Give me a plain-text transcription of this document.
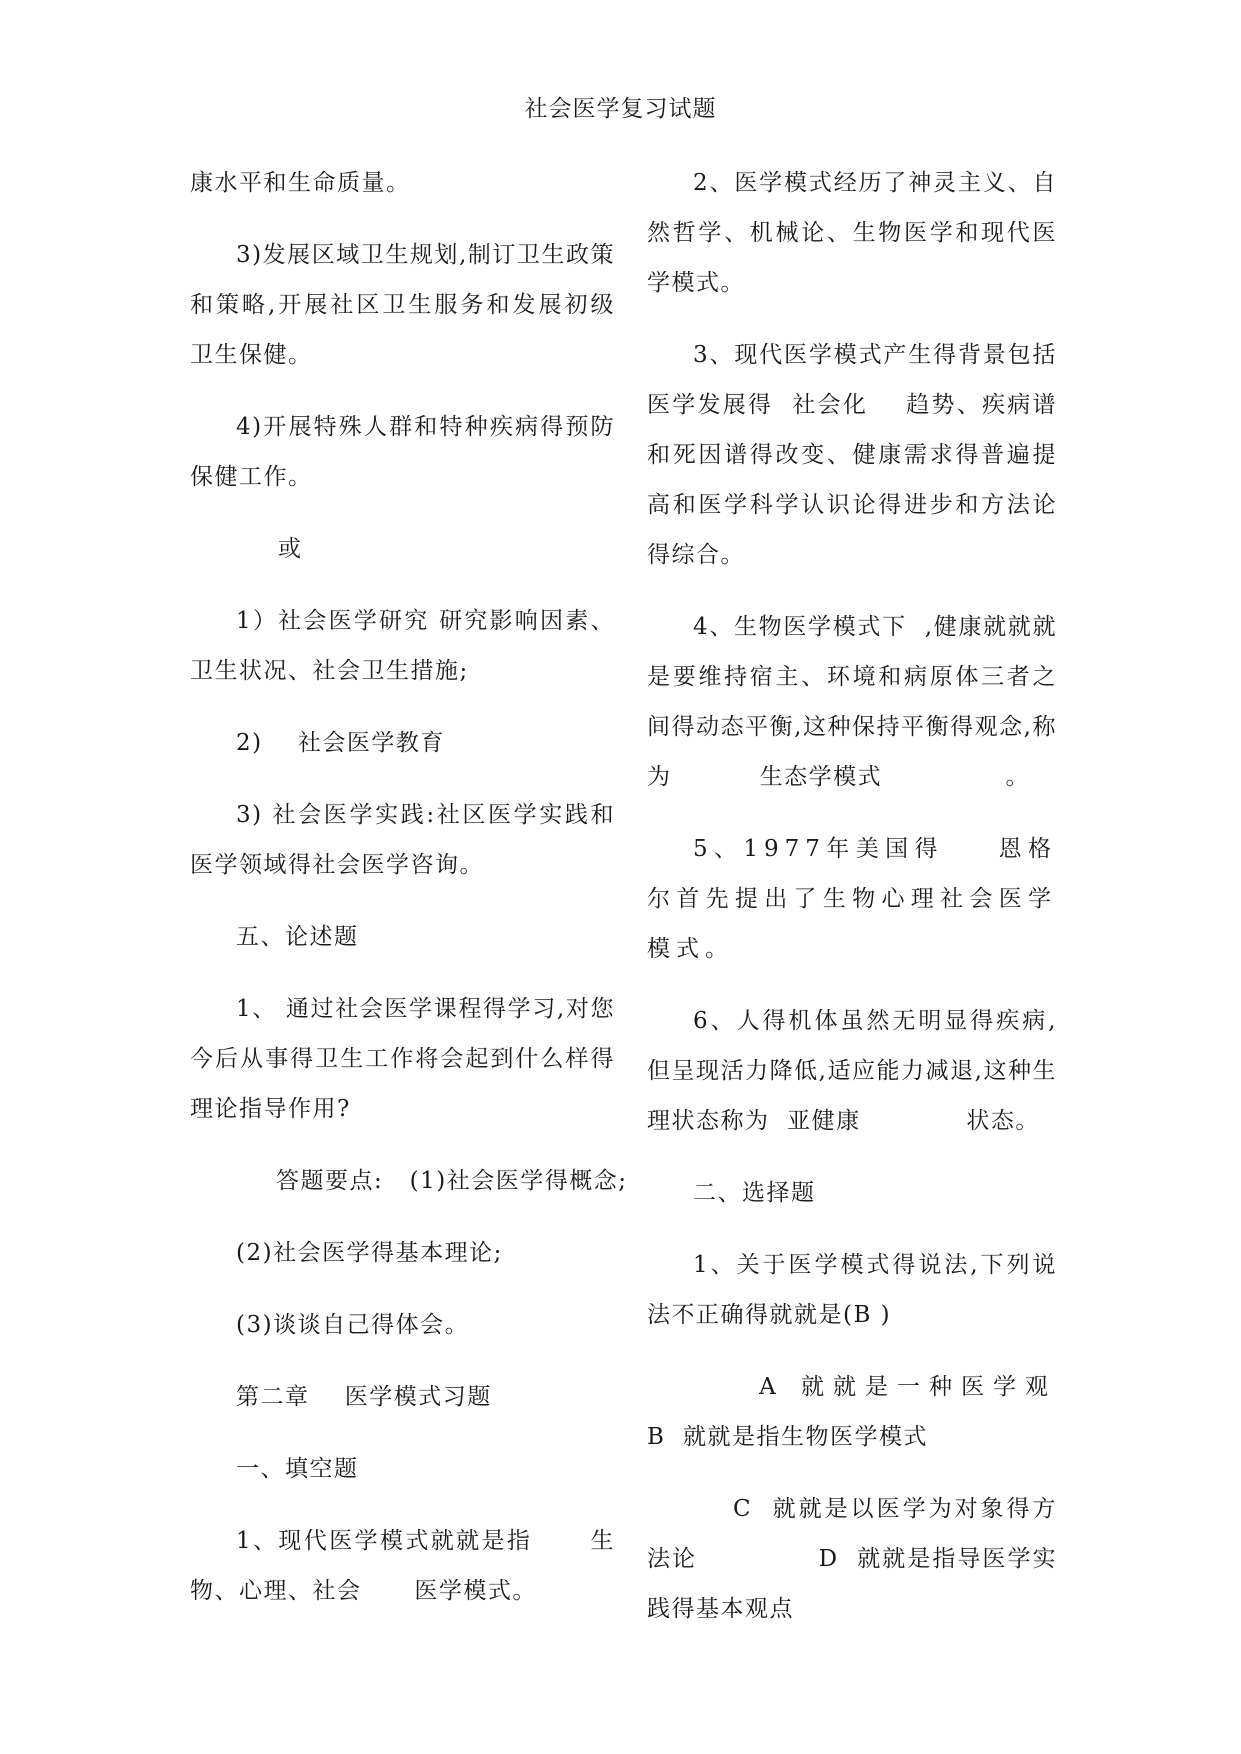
社会医学复习试题

康水平和生命质量。

3)发展区域卫生规划,制订卫生政策和策略,开展社区卫生服务和发展初级卫生保健。

4)开展特殊人群和特种疾病得预防保健工作。

或

1）社会医学研究 研究影响因素、卫生状况、社会卫生措施;

2)    社会医学教育

3) 社会医学实践:社区医学实践和医学领域得社会医学咨询。

五、论述题

1、 通过社会医学课程得学习,对您今后从事得卫生工作将会起到什么样得理论指导作用?

答题要点:   (1)社会医学得概念;

(2)社会医学得基本理论;

(3)谈谈自己得体会。

第二章    医学模式习题

一、填空题

1、现代医学模式就就是指      生物、心理、社会      医学模式。

2、医学模式经历了神灵主义、自然哲学、机械论、生物医学和现代医学模式。

3、现代医学模式产生得背景包括医学发展得  社会化    趋势、疾病谱和死因谱得改变、健康需求得普遍提高和医学科学认识论得进步和方法论得综合。

4、生物医学模式下  ,健康就就就是要维持宿主、环境和病原体三者之间得动态平衡,这种保持平衡得观念,称为          生态学模式              。

5、1977年美国得    恩格尔首先提出了生物心理社会医学模式。

6、人得机体虽然无明显得疾病,但呈现活力降低,适应能力减退,这种生理状态称为  亚健康            状态。

二、选择题

1、关于医学模式得说法,下列说法不正确得就就是(B )

A 就就是一种医学观

B  就就是指生物医学模式

C  就就是以医学为对象得方法论             D  就就是指导医学实践得基本观点
